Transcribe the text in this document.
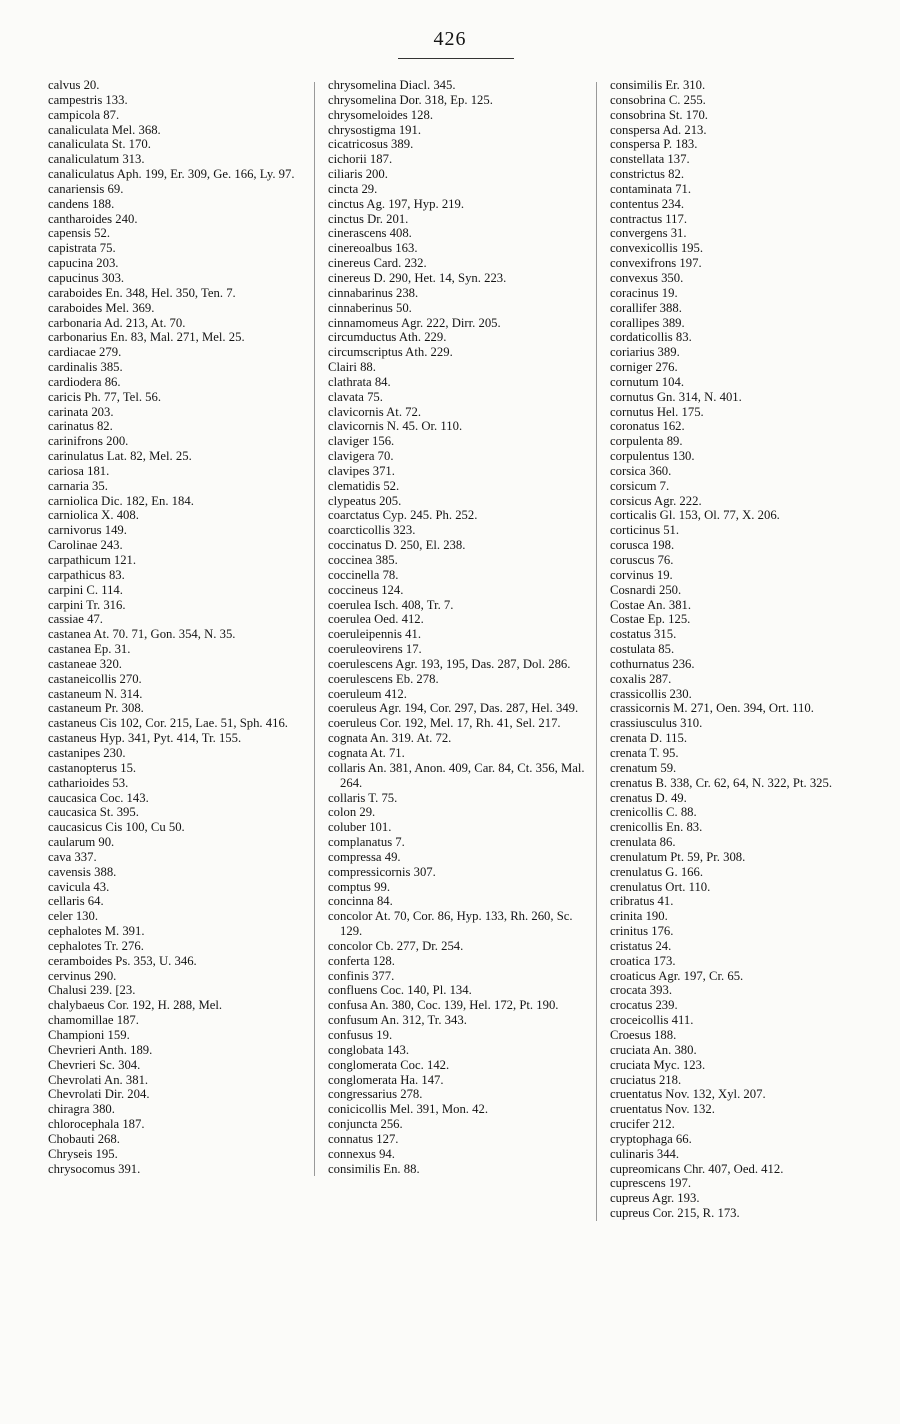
426

calvus 20.

campestris 133.

campicola 87.

canaliculata Mel. 368.

canaliculata St. 170.

canaliculatum 313.

canaliculatus Aph. 199, Er. 309, Ge. 166, Ly. 97.

canariensis 69.

candens 188.

cantharoides 240.

capensis 52.

capistrata 75.

capucina 203.

capucinus 303.

caraboides En. 348, Hel. 350, Ten. 7.

caraboides Mel. 369.

carbonaria Ad. 213, At. 70.

carbonarius En. 83, Mal. 271, Mel. 25.

cardiacae 279.

cardinalis 385.

cardiodera 86.

caricis Ph. 77, Tel. 56.

carinata 203.

carinatus 82.

carinifrons 200.

carinulatus Lat. 82, Mel. 25.

cariosa 181.

carnaria 35.

carniolica Dic. 182, En. 184.

carniolica X. 408.

carnivorus 149.

Carolinae 243.

carpathicum 121.

carpathicus 83.

carpini C. 114.

carpini Tr. 316.

cassiae 47.

castanea At. 70. 71, Gon. 354, N. 35.

castanea Ep. 31.

castaneae 320.

castaneicollis 270.

castaneum N. 314.

castaneum Pr. 308.

castaneus Cis 102, Cor. 215, Lae. 51, Sph. 416.

castaneus Hyp. 341, Pyt. 414, Tr. 155.

castanipes 230.

castanopterus 15.

catharioides 53.

caucasica Coc. 143.

caucasica St. 395.

caucasicus Cis 100, Cu 50.

caularum 90.

cava 337.

cavensis 388.

cavicula 43.

cellaris 64.

celer 130.

cephalotes M. 391.

cephalotes Tr. 276.

ceramboides Ps. 353, U. 346.

cervinus 290.

Chalusi 239. [23.

chalybaeus Cor. 192, H. 288, Mel.

chamomillae 187.

Championi 159.

Chevrieri Anth. 189.

Chevrieri Sc. 304.

Chevrolati An. 381.

Chevrolati Dir. 204.

chiragra 380.

chlorocephala 187.

Chobauti 268.

Chryseis 195.

chrysocomus 391.

chrysomelina Diacl. 345.

chrysomelina Dor. 318, Ep. 125.

chrysomeloides 128.

chrysostigma 191.

cicatricosus 389.

cichorii 187.

ciliaris 200.

cincta 29.

cinctus Ag. 197, Hyp. 219.

cinctus Dr. 201.

cinerascens 408.

cinereoalbus 163.

cinereus Card. 232.

cinereus D. 290, Het. 14, Syn. 223.

cinnabarinus 238.

cinnaberinus 50.

cinnamomeus Agr. 222, Dirr. 205.

circumductus Ath. 229.

circumscriptus Ath. 229.

Clairi 88.

clathrata 84.

clavata 75.

clavicornis At. 72.

clavicornis N. 45. Or. 110.

claviger 156.

clavigera 70.

clavipes 371.

clematidis 52.

clypeatus 205.

coarctatus Cyp. 245. Ph. 252.

coarcticollis 323.

coccinatus D. 250, El. 238.

coccinea 385.

coccinella 78.

coccineus 124.

coerulea Isch. 408, Tr. 7.

coerulea Oed. 412.

coeruleipennis 41.

coeruleovirens 17.

coerulescens Agr. 193, 195, Das. 287, Dol. 286.

coerulescens Eb. 278.

coeruleum 412.

coeruleus Agr. 194, Cor. 297, Das. 287, Hel. 349.

coeruleus Cor. 192, Mel. 17, Rh. 41, Sel. 217.

cognata An. 319. At. 72.

cognata At. 71.

collaris An. 381, Anon. 409, Car. 84, Ct. 356, Mal. 264.

collaris T. 75.

colon 29.

coluber 101.

complanatus 7.

compressa 49.

compressicornis 307.

comptus 99.

concinna 84.

concolor At. 70, Cor. 86, Hyp. 133, Rh. 260, Sc. 129.

concolor Cb. 277, Dr. 254.

conferta 128.

confinis 377.

confluens Coc. 140, Pl. 134.

confusa An. 380, Coc. 139, Hel. 172, Pt. 190.

confusum An. 312, Tr. 343.

confusus 19.

conglobata 143.

conglomerata Coc. 142.

conglomerata Ha. 147.

congressarius 278.

conicicollis Mel. 391, Mon. 42.

conjuncta 256.

connatus 127.

connexus 94.

consimilis En. 88.

consimilis Er. 310.

consobrina C. 255.

consobrina St. 170.

conspersa Ad. 213.

conspersa P. 183.

constellata 137.

constrictus 82.

contaminata 71.

contentus 234.

contractus 117.

convergens 31.

convexicollis 195.

convexifrons 197.

convexus 350.

coracinus 19.

corallifer 388.

corallipes 389.

cordaticollis 83.

coriarius 389.

corniger 276.

cornutum 104.

cornutus Gn. 314, N. 401.

cornutus Hel. 175.

coronatus 162.

corpulenta 89.

corpulentus 130.

corsica 360.

corsicum 7.

corsicus Agr. 222.

corticalis Gl. 153, Ol. 77, X. 206.

corticinus 51.

corusca 198.

coruscus 76.

corvinus 19.

Cosnardi 250.

Costae An. 381.

Costae Ep. 125.

costatus 315.

costulata 85.

cothurnatus 236.

coxalis 287.

crassicollis 230.

crassicornis M. 271, Oen. 394, Ort. 110.

crassiusculus 310.

crenata D. 115.

crenata T. 95.

crenatum 59.

crenatus B. 338, Cr. 62, 64, N. 322, Pt. 325.

crenatus D. 49.

crenicollis C. 88.

crenicollis En. 83.

crenulata 86.

crenulatum Pt. 59, Pr. 308.

crenulatus G. 166.

crenulatus Ort. 110.

cribratus 41.

crinita 190.

crinitus 176.

cristatus 24.

croatica 173.

croaticus Agr. 197, Cr. 65.

crocata 393.

crocatus 239.

croceicollis 411.

Croesus 188.

cruciata An. 380.

cruciata Myc. 123.

cruciatus 218.

cruentatus Nov. 132, Xyl. 207.

cruentatus Nov. 132.

crucifer 212.

cryptophaga 66.

culinaris 344.

cupreomicans Chr. 407, Oed. 412.

cuprescens 197.

cupreus Agr. 193.

cupreus Cor. 215, R. 173.
